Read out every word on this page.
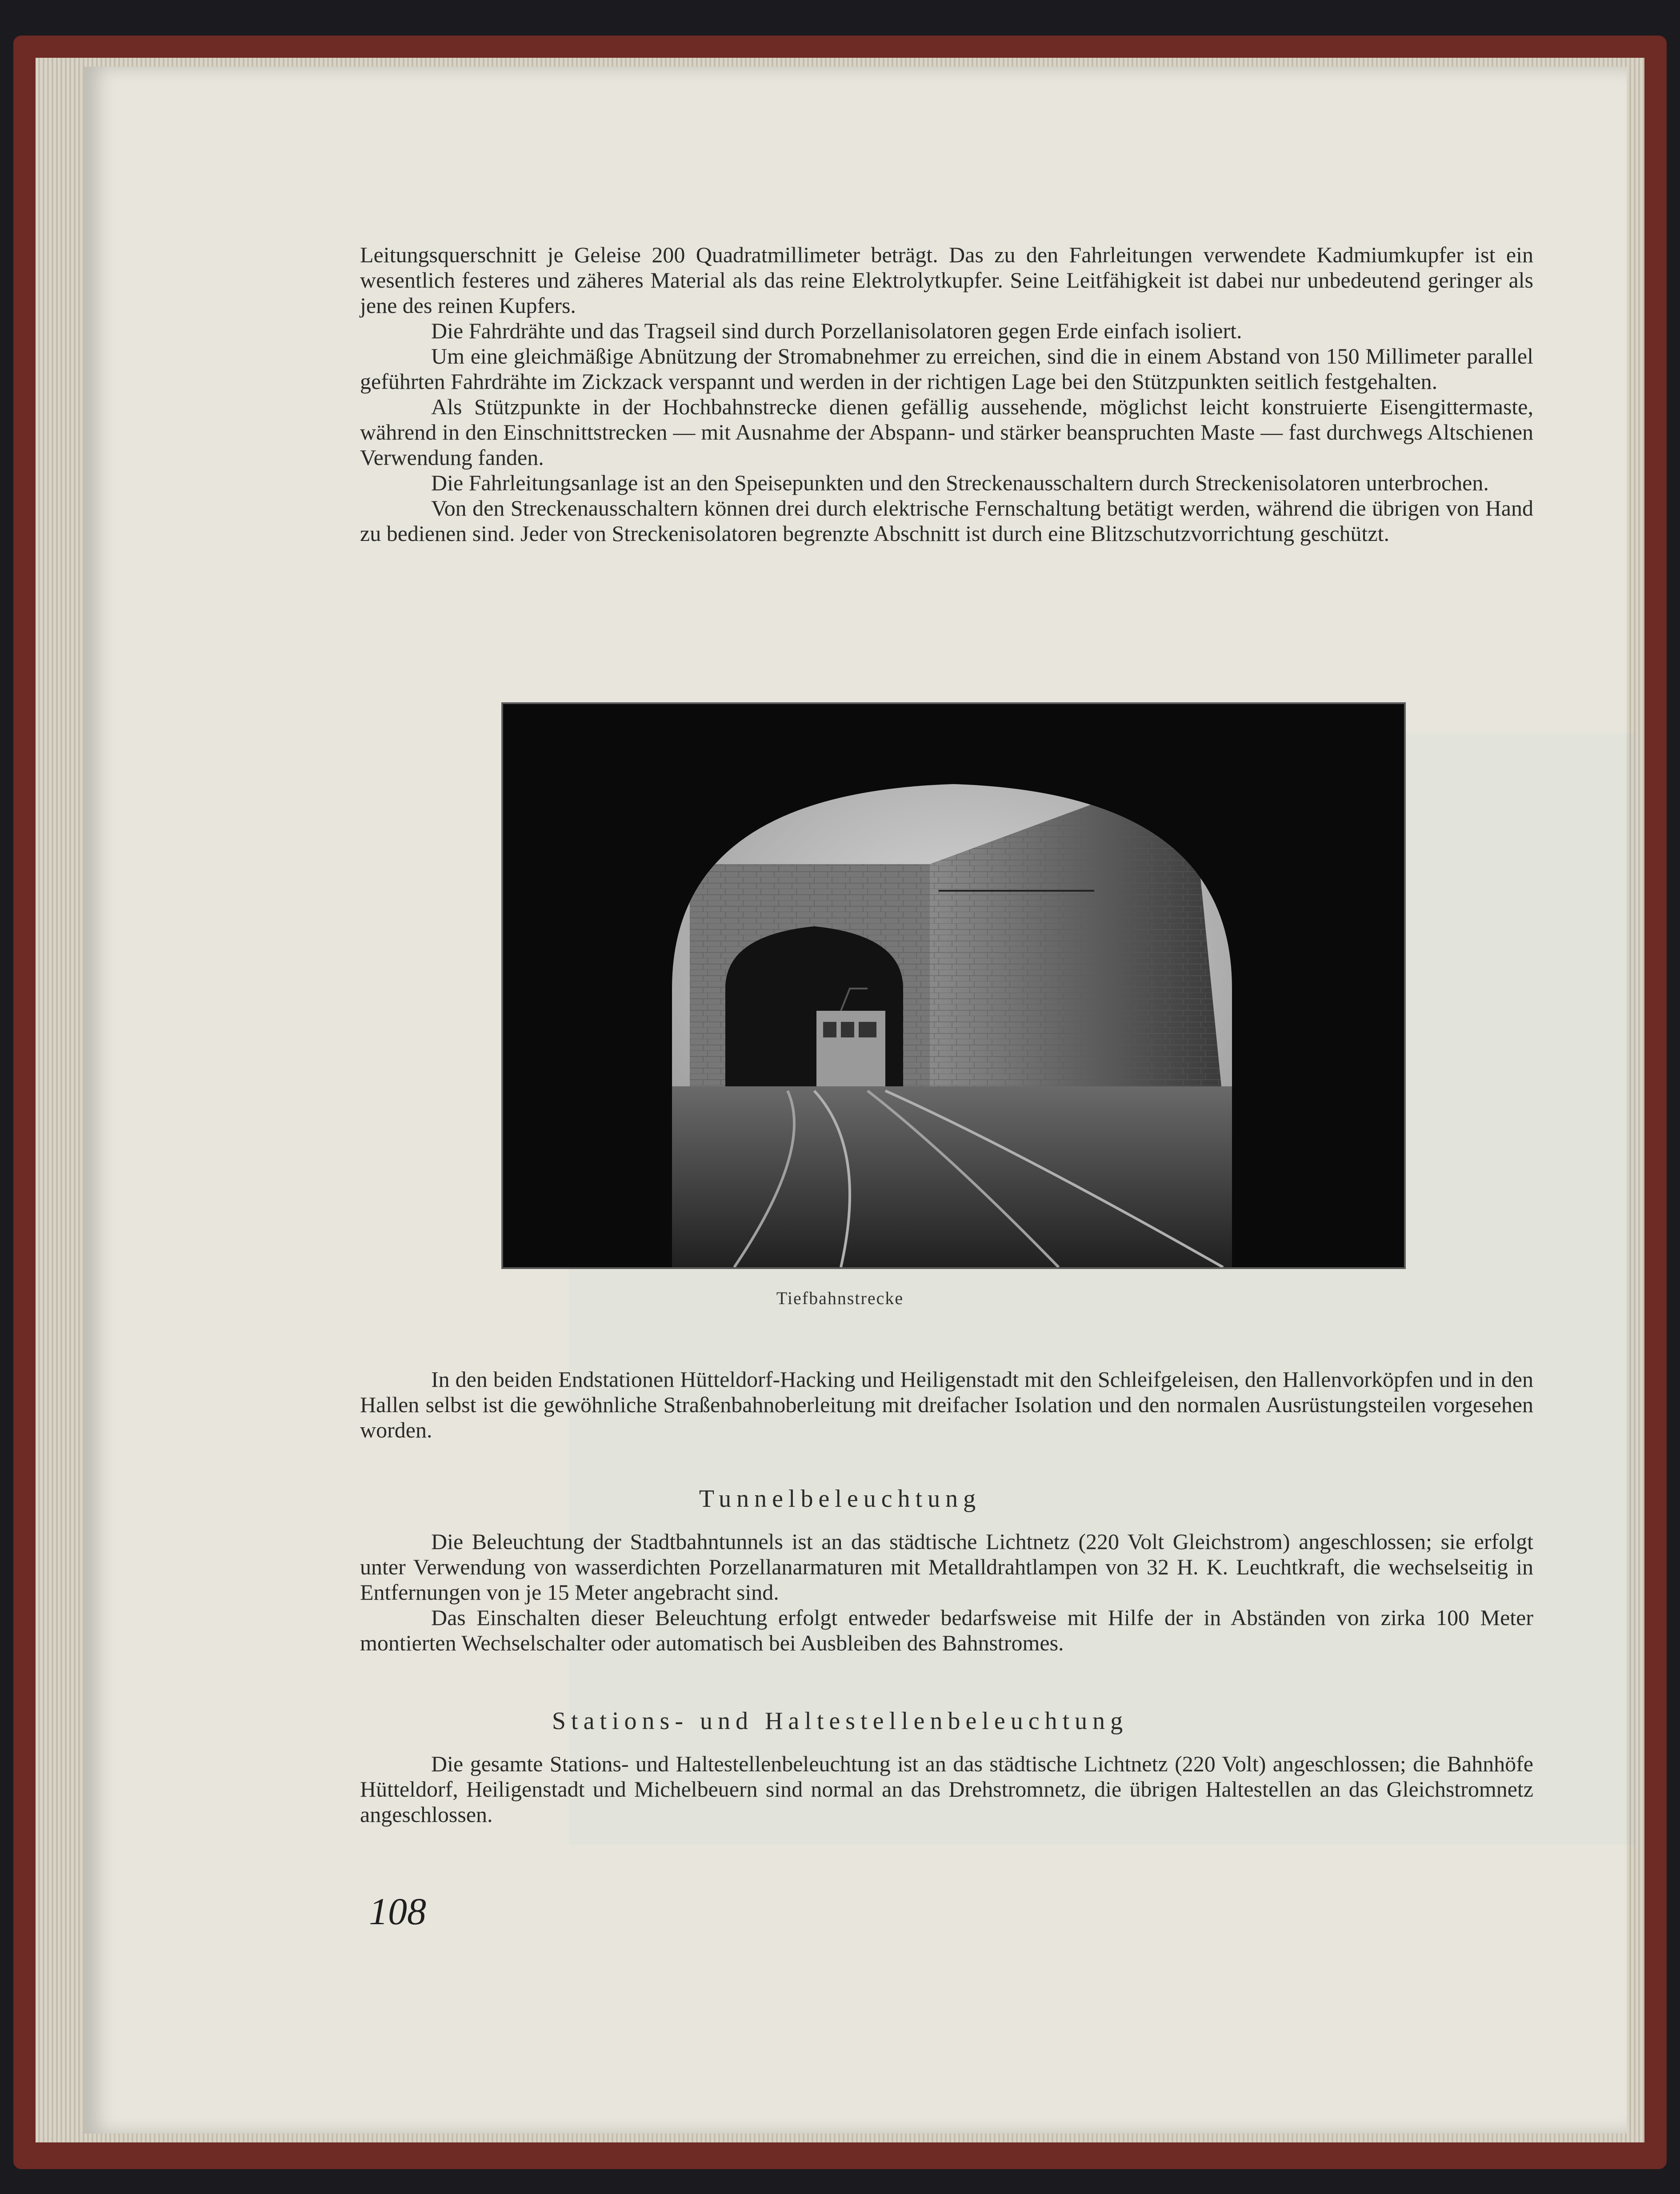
Leitungsquerschnitt je Geleise 200 Quadratmillimeter beträgt. Das zu den Fahrleitungen verwendete Kadmiumkupfer ist ein wesentlich festeres und zäheres Material als das reine Elektrolytkupfer. Seine Leitfähigkeit ist dabei nur unbedeutend geringer als jene des reinen Kupfers.

Die Fahrdrähte und das Tragseil sind durch Porzellanisolatoren gegen Erde einfach isoliert.

Um eine gleichmäßige Abnützung der Stromabnehmer zu erreichen, sind die in einem Abstand von 150 Millimeter parallel geführten Fahrdrähte im Zickzack verspannt und werden in der richtigen Lage bei den Stützpunkten seitlich festgehalten.

Als Stützpunkte in der Hochbahnstrecke dienen gefällig aussehende, möglichst leicht konstruierte Eisengittermaste, während in den Einschnittstrecken — mit Ausnahme der Abspann- und stärker beanspruchten Maste — fast durchwegs Altschienen Verwendung fanden.

Die Fahrleitungsanlage ist an den Speisepunkten und den Streckenausschaltern durch Streckenisolatoren unterbrochen.

Von den Streckenausschaltern können drei durch elektrische Fernschaltung betätigt werden, während die übrigen von Hand zu bedienen sind. Jeder von Streckenisolatoren begrenzte Abschnitt ist durch eine Blitzschutzvorrichtung geschützt.

Tiefbahnstrecke

In den beiden Endstationen Hütteldorf-Hacking und Heiligenstadt mit den Schleifgeleisen, den Hallenvorköpfen und in den Hallen selbst ist die gewöhnliche Straßenbahnoberleitung mit dreifacher Isolation und den normalen Ausrüstungsteilen vorgesehen worden.

Tunnelbeleuchtung

Die Beleuchtung der Stadtbahntunnels ist an das städtische Lichtnetz (220 Volt Gleichstrom) angeschlossen; sie erfolgt unter Verwendung von wasserdichten Porzellanarmaturen mit Metalldrahtlampen von 32 H. K. Leuchtkraft, die wechselseitig in Entfernungen von je 15 Meter angebracht sind.

Das Einschalten dieser Beleuchtung erfolgt entweder bedarfsweise mit Hilfe der in Abständen von zirka 100 Meter montierten Wechselschalter oder automatisch bei Ausbleiben des Bahnstromes.

Stations- und Haltestellenbeleuchtung

Die gesamte Stations- und Haltestellenbeleuchtung ist an das städtische Lichtnetz (220 Volt) angeschlossen; die Bahnhöfe Hütteldorf, Heiligenstadt und Michelbeuern sind normal an das Drehstromnetz, die übrigen Haltestellen an das Gleichstromnetz angeschlossen.

108
